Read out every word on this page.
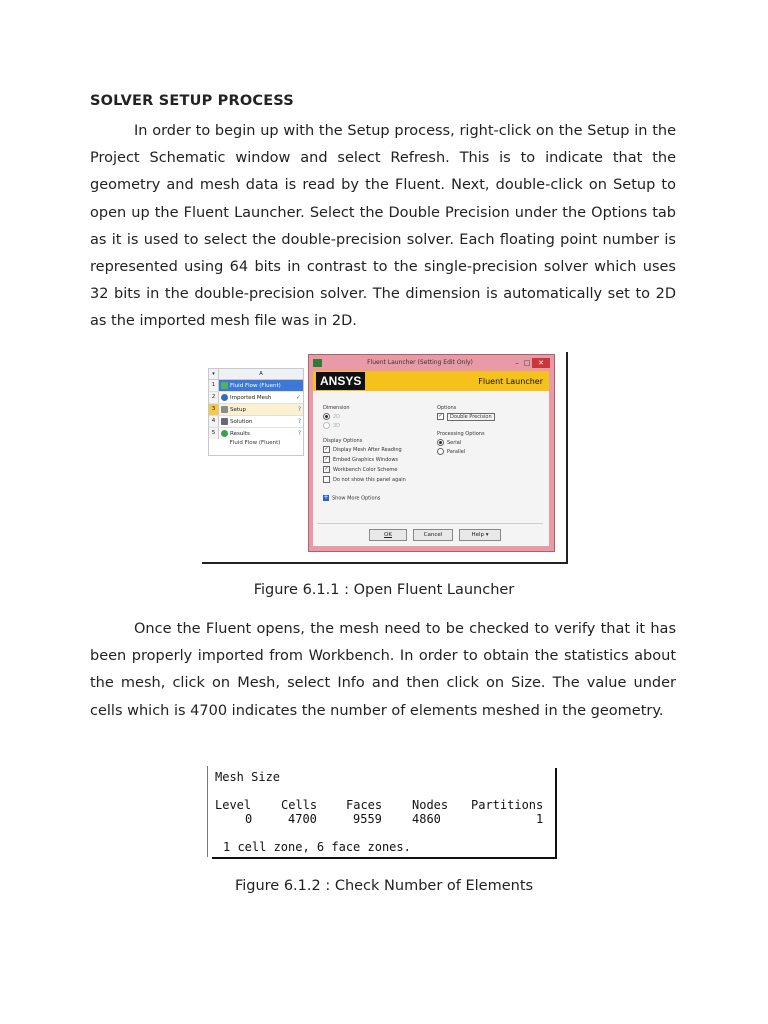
SOLVER SETUP PROCESS

In order to begin up with the Setup process, right-click on the Setup in the Project Schematic window and select Refresh. This is to indicate that the geometry and mesh data is read by the Fluent. Next, double-click on Setup to open up the Fluent Launcher. Select the Double Precision under the Options tab as it is used to select the double-precision solver. Each floating point number is represented using 64 bits in contrast to the single-precision solver which uses 32 bits in the double-precision solver. The dimension is automatically set to 2D as the imported mesh file was in 2D.

▾	A
1	Fluid Flow (Fluent)
2	Imported Mesh	✓
3	Setup	?
4	Solution	?
5	Results	?
Fluid Flow (Fluent)
Fluent Launcher (Setting Edit Only)	– □	✕
ANSYS	Fluent Launcher
Dimension
2D
3D
Options
✓ Double Precision
Processing Options
Serial
Parallel
Display Options
✓ Display Mesh After Reading
✓ Embed Graphics Windows
✓ Workbench Color Scheme
Do not show this panel again
+ Show More Options
OK	Cancel	Help ▾
Figure 6.1.1 : Open Fluent Launcher

Once the Fluent opens, the mesh need to be checked to verify that it has been properly imported from Workbench. In order to obtain the statistics about the mesh, click on Mesh, select Info and then click on Size. The value under cells which is 4700 indicates the number of elements meshed in the geometry.

Mesh Size
Level Cells Faces Nodes Partitions
0	4700	9559	4860	1
1 cell zone, 6 face zones.
Figure 6.1.2 : Check Number of Elements
